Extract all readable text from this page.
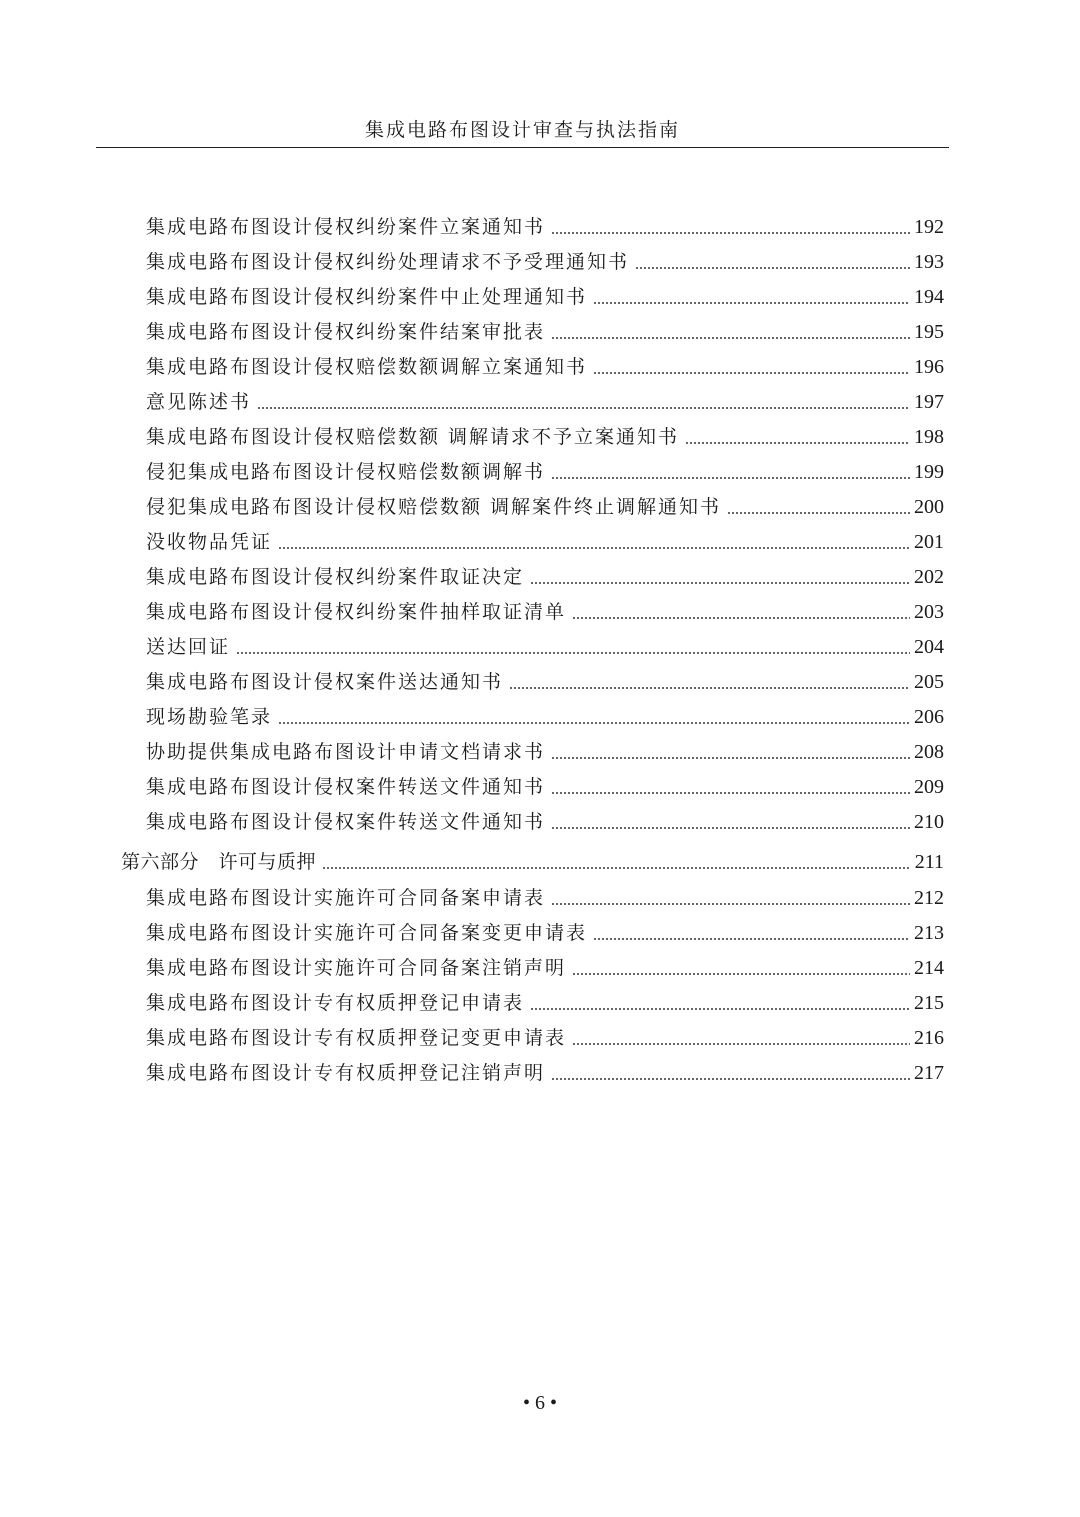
集成电路布图设计审查与执法指南
集成电路布图设计侵权纠纷案件立案通知书	192
集成电路布图设计侵权纠纷处理请求不予受理通知书	193
集成电路布图设计侵权纠纷案件中止处理通知书	194
集成电路布图设计侵权纠纷案件结案审批表	195
集成电路布图设计侵权赔偿数额调解立案通知书	196
意见陈述书	197
集成电路布图设计侵权赔偿数额 调解请求不予立案通知书	198
侵犯集成电路布图设计侵权赔偿数额调解书	199
侵犯集成电路布图设计侵权赔偿数额 调解案件终止调解通知书	200
没收物品凭证	201
集成电路布图设计侵权纠纷案件取证决定	202
集成电路布图设计侵权纠纷案件抽样取证清单	203
送达回证	204
集成电路布图设计侵权案件送达通知书	205
现场勘验笔录	206
协助提供集成电路布图设计申请文档请求书	208
集成电路布图设计侵权案件转送文件通知书	209
集成电路布图设计侵权案件转送文件通知书	210
第六部分　许可与质押	211
集成电路布图设计实施许可合同备案申请表	212
集成电路布图设计实施许可合同备案变更申请表	213
集成电路布图设计实施许可合同备案注销声明	214
集成电路布图设计专有权质押登记申请表	215
集成电路布图设计专有权质押登记变更申请表	216
集成电路布图设计专有权质押登记注销声明	217
• 6 •
